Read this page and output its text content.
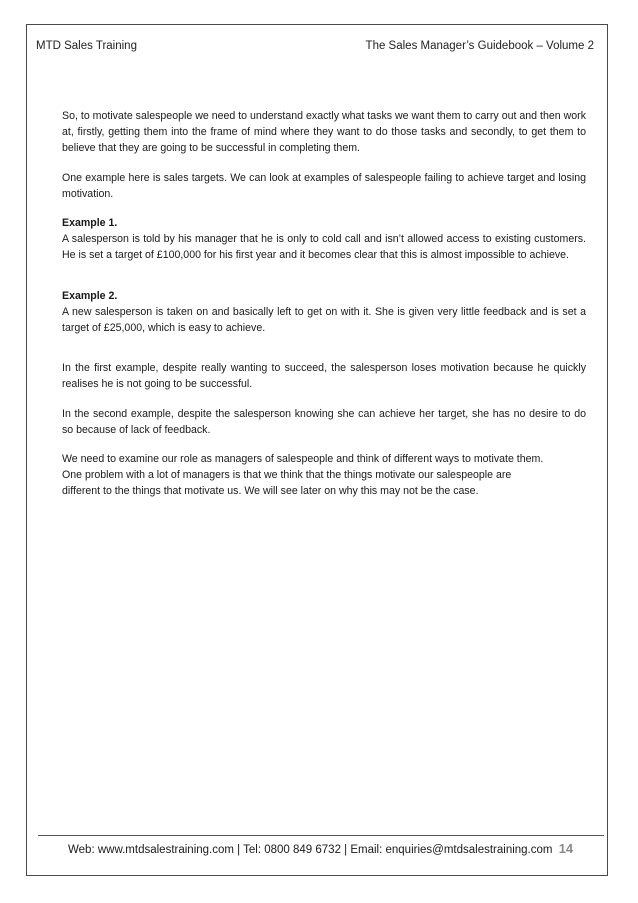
MTD Sales Training	The Sales Manager’s Guidebook – Volume 2

So, to motivate salespeople we need to understand exactly what tasks we want them to carry out and then work at, firstly, getting them into the frame of mind where they want to do those tasks and secondly, to get them to believe that they are going to be successful in completing them.

One example here is sales targets. We can look at examples of salespeople failing to achieve target and losing motivation.

Example 1.

A salesperson is told by his manager that he is only to cold call and isn’t allowed access to existing customers. He is set a target of £100,000 for his first year and it becomes clear that this is almost impossible to achieve.

Example 2.

A new salesperson is taken on and basically left to get on with it. She is given very little feedback and is set a target of £25,000, which is easy to achieve.

In the first example, despite really wanting to succeed, the salesperson loses motivation because he quickly realises he is not going to be successful.

In the second example, despite the salesperson knowing she can achieve her target, she has no desire to do so because of lack of feedback.

We need to examine our role as managers of salespeople and think of different ways to motivate them.

One problem with a lot of managers is that we think that the things motivate our salespeople are

different to the things that motivate us. We will see later on why this may not be the case.

Web: www.mtdsalestraining.com | Tel: 0800 849 6732 | Email: enquiries@mtdsalestraining.com 14
